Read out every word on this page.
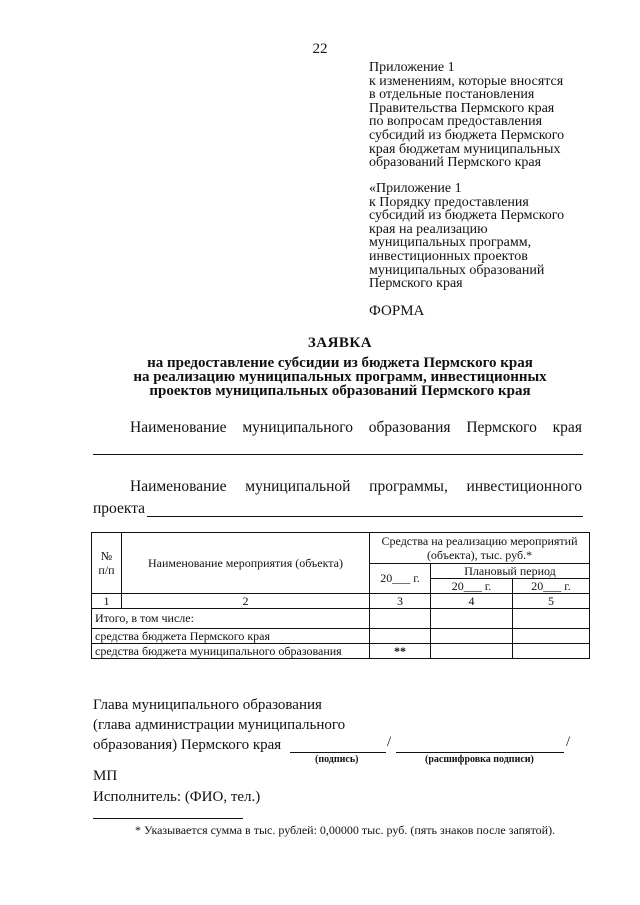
22
Приложение 1
к изменениям, которые вносятся
в отдельные постановления
Правительства Пермского края
по вопросам предоставления
субсидий из бюджета Пермского
края бюджетам муниципальных
образований Пермского края
«Приложение 1
к Порядку предоставления
субсидий из бюджета Пермского
края на реализацию
муниципальных программ,
инвестиционных проектов
муниципальных образований
Пермского края
ФОРМА
ЗАЯВКА
на предоставление субсидии из бюджета Пермского края
на реализацию муниципальных программ, инвестиционных
проектов муниципальных образований Пермского края
Наименование муниципального образования Пермского края
Наименование муниципальной программы, инвестиционного
проекта
№ п/п	Наименование мероприятия (объекта)	Средства на реализацию мероприятий (объекта), тыс. руб.*		
		20___ г.	Плановый период	
			20___ г.	20___ г.
1	2	3	4	5
Итого, в том числе:				
средства бюджета Пермского края				
средства бюджета муниципального образования		**		
Глава муниципального образования
(глава администрации муниципального
образования) Пермского края	/	/
(подпись)	(расшифровка подписи)
МП
Исполнитель: (ФИО, тел.)
* Указывается сумма в тыс. рублей: 0,00000 тыс. руб. (пять знаков после запятой).
